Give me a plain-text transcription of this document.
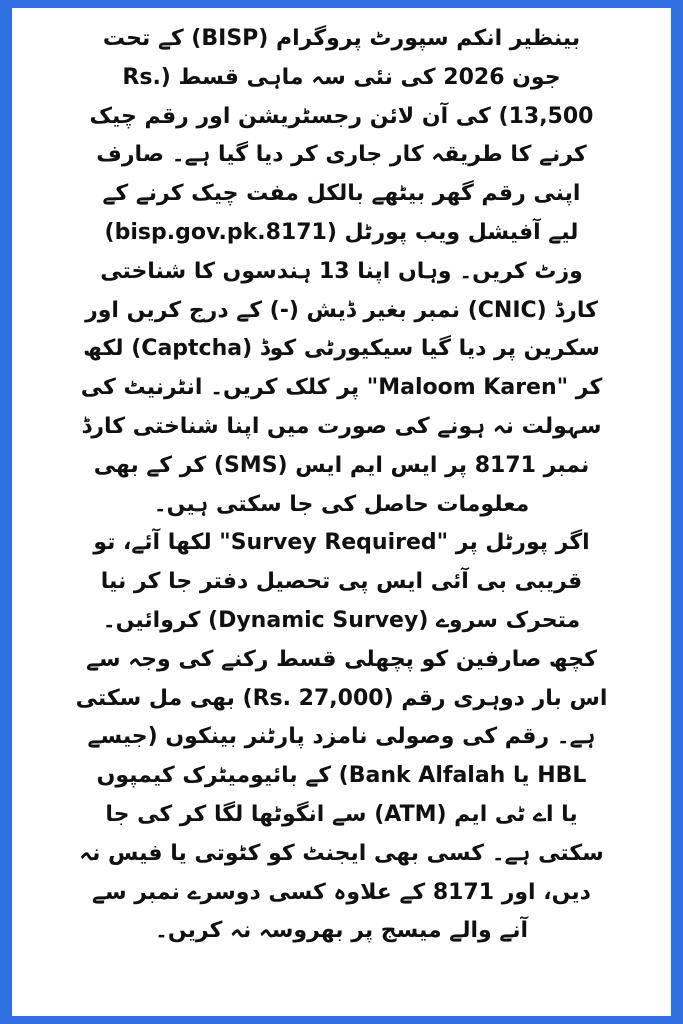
بینظیر انکم سپورٹ پروگرام (BISP) کے تحت
جون 2026 کی نئی سہ ماہی قسط (.Rs
13,500) کی آن لائن رجسٹریشن اور رقم چیک
کرنے کا طریقہ کار جاری کر دیا گیا ہے۔ صارف
اپنی رقم گھر بیٹھے بالکل مفت چیک کرنے کے
لیے آفیشل ویب پورٹل (bisp.gov.pk.8171)
وزٹ کریں۔ وہاں اپنا 13 ہندسوں کا شناختی
کارڈ (CNIC) نمبر بغیر ڈیش (-) کے درج کریں اور
سکرین پر دیا گیا سیکیورٹی کوڈ (Captcha) لکھ
کر "Maloom Karen" پر کلک کریں۔ انٹرنیٹ کی
سہولت نہ ہونے کی صورت میں اپنا شناختی کارڈ
نمبر 8171 پر ایس ایم ایس (SMS) کر کے بھی
معلومات حاصل کی جا سکتی ہیں۔
اگر پورٹل پر "Survey Required" لکھا آئے، تو
قریبی بی آئی ایس پی تحصیل دفتر جا کر نیا
متحرک سروے (Dynamic Survey) کروائیں۔
کچھ صارفین کو پچھلی قسط رکنے کی وجہ سے
اس بار دوہری رقم (Rs. 27,000) بھی مل سکتی
ہے۔ رقم کی وصولی نامزد پارٹنر بینکوں (جیسے
HBL یا Bank Alfalah) کے بائیومیٹرک کیمپوں
یا اے ٹی ایم (ATM) سے انگوٹھا لگا کر کی جا
سکتی ہے۔ کسی بھی ایجنٹ کو کٹوتی یا فیس نہ
دیں، اور 8171 کے علاوہ کسی دوسرے نمبر سے
آنے والے میسج پر بھروسہ نہ کریں۔
